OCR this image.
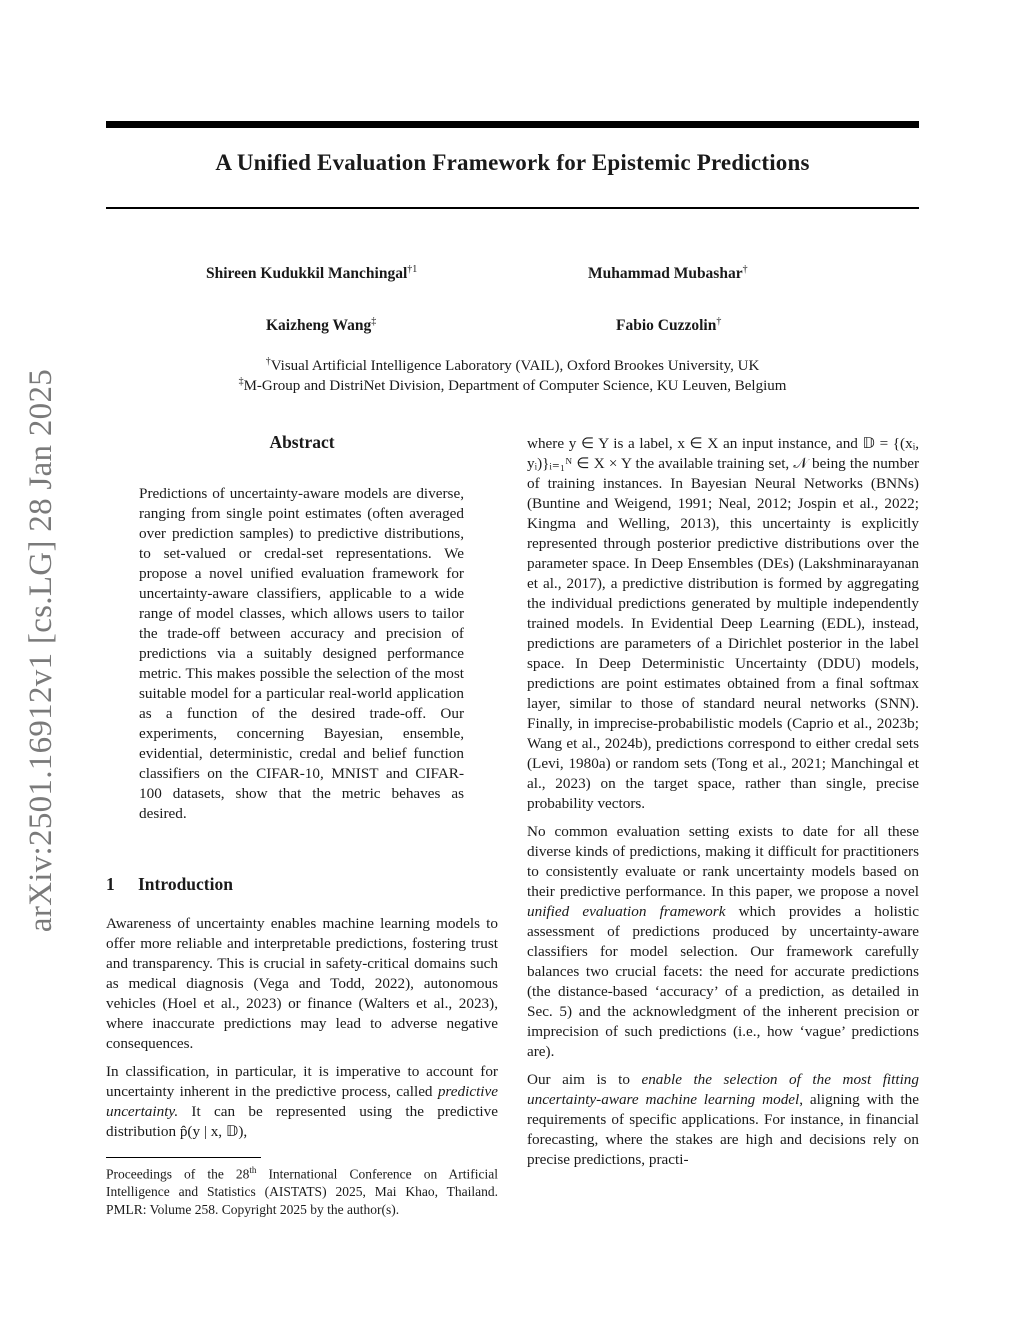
arXiv:2501.16912v1 [cs.LG] 28 Jan 2025
A Unified Evaluation Framework for Epistemic Predictions
Shireen Kudukkil Manchingal$^{\dagger 1}$	Muhammad Mubashar†
Kaizheng Wang‡	Fabio Cuzzolin†
†Visual Artificial Intelligence Laboratory (VAIL), Oxford Brookes University, UK
‡M-Group and DistriNet Division, Department of Computer Science, KU Leuven, Belgium
Abstract

Predictions of uncertainty-aware models are diverse, ranging from single point estimates (often averaged over prediction samples) to predictive distributions, to set-valued or credal-set representations. We propose a novel unified evaluation framework for uncertainty-aware classifiers, applicable to a wide range of model classes, which allows users to tailor the trade-off between accuracy and precision of predictions via a suitably designed performance metric. This makes possible the selection of the most suitable model for a particular real-world application as a function of the desired trade-off. Our experiments, concerning Bayesian, ensemble, evidential, deterministic, credal and belief function classifiers on the CIFAR-10, MNIST and CIFAR-100 datasets, show that the metric behaves as desired.

1 Introduction

Awareness of uncertainty enables machine learning models to offer more reliable and interpretable predictions, fostering trust and transparency. This is crucial in safety-critical domains such as medical diagnosis (Vega and Todd, 2022), autonomous vehicles (Hoel et al., 2023) or finance (Walters et al., 2023), where inaccurate predictions may lead to adverse negative consequences.

In classification, in particular, it is imperative to account for uncertainty inherent in the predictive process, called predictive uncertainty. It can be represented using the predictive distribution p̂(y | x, 𝔻),

Proceedings of the 28th International Conference on Artificial Intelligence and Statistics (AISTATS) 2025, Mai Khao, Thailand. PMLR: Volume 258. Copyright 2025 by the author(s).

where y ∈ Y is a label, x ∈ X an input instance, and 𝔻 = {(xᵢ, yᵢ)}ᵢ₌₁ᴺ ∈ X × Y the available training set, 𝒩 being the number of training instances. In Bayesian Neural Networks (BNNs) (Buntine and Weigend, 1991; Neal, 2012; Jospin et al., 2022; Kingma and Welling, 2013), this uncertainty is explicitly represented through posterior predictive distributions over the parameter space. In Deep Ensembles (DEs) (Lakshminarayanan et al., 2017), a predictive distribution is formed by aggregating the individual predictions generated by multiple independently trained models. In Evidential Deep Learning (EDL), instead, predictions are parameters of a Dirichlet posterior in the label space. In Deep Deterministic Uncertainty (DDU) models, predictions are point estimates obtained from a final softmax layer, similar to those of standard neural networks (SNN). Finally, in imprecise-probabilistic models (Caprio et al., 2023b; Wang et al., 2024b), predictions correspond to either credal sets (Levi, 1980a) or random sets (Tong et al., 2021; Manchingal et al., 2023) on the target space, rather than single, precise probability vectors.

No common evaluation setting exists to date for all these diverse kinds of predictions, making it difficult for practitioners to consistently evaluate or rank uncertainty models based on their predictive performance. In this paper, we propose a novel unified evaluation framework which provides a holistic assessment of predictions produced by uncertainty-aware classifiers for model selection. Our framework carefully balances two crucial facets: the need for accurate predictions (the distance-based ‘accuracy’ of a prediction, as detailed in Sec. 5) and the acknowledgment of the inherent precision or imprecision of such predictions (i.e., how ‘vague’ predictions are).

Our aim is to enable the selection of the most fitting uncertainty-aware machine learning model, aligning with the requirements of specific applications. For instance, in financial forecasting, where the stakes are high and decisions rely on precise predictions, practi-
